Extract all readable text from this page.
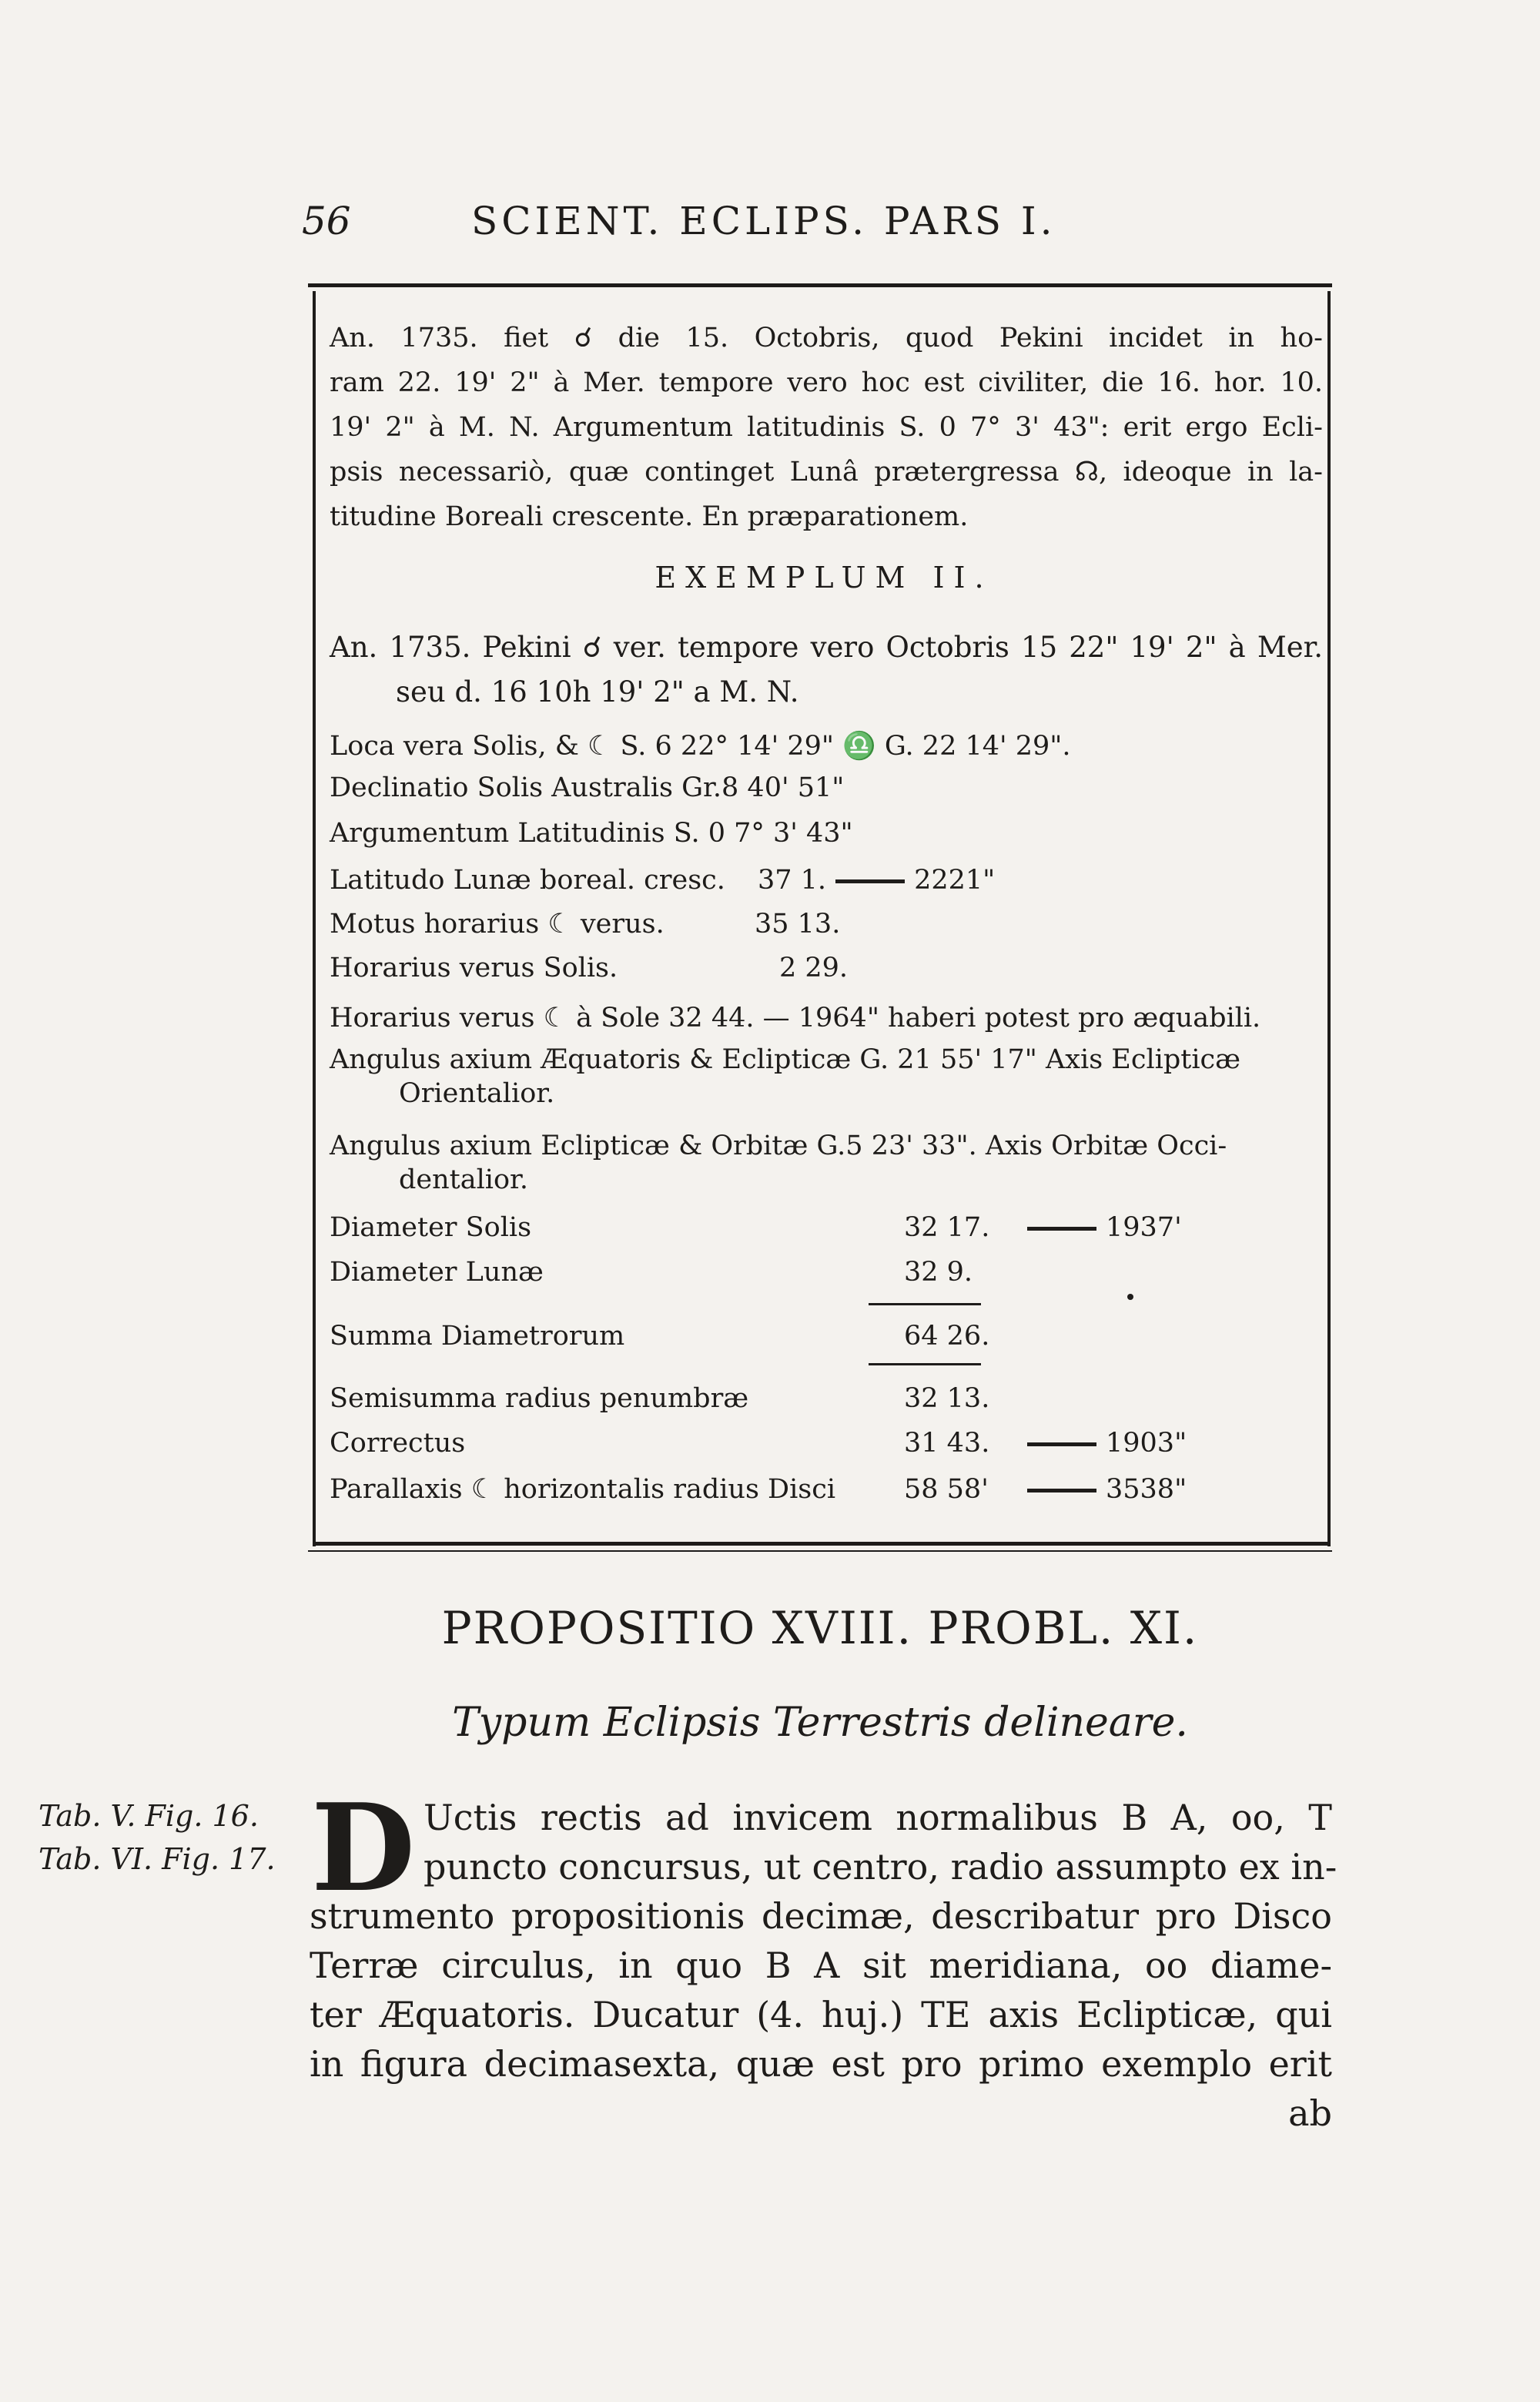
56	SCIENT. ECLIPS. PARS I.
An. 1735. fiet ☌ die 15. Octobris, quod Pekini incidet in ho-
ram 22. 19' 2" à Mer. tempore vero hoc est civiliter, die 16. hor. 10.
19' 2" à M. N. Argumentum latitudinis S. 0 7° 3' 43": erit ergo Ecli-
psis necessariò, quæ continget Lunâ prætergressa ☊, ideoque in la-
titudine Boreali crescente. En præparationem.
EXEMPLUM II.
An. 1735. Pekini ☌ ver. tempore vero Octobris 15 22" 19' 2" à Mer.
seu d. 16 10h 19' 2" a M. N.
Loca vera Solis, & ☾ S. 6 22° 14' 29" ♎ G. 22 14' 29".
Declinatio Solis Australis Gr.8 40' 51"
Argumentum Latitudinis S. 0 7° 3' 43"
Latitudo Lunæ boreal. cresc. 37 1.	2221"
Motus horarius ☾ verus.	35 13.
Horarius verus Solis.	2 29.
Horarius verus ☾ à Sole 32 44. — 1964" haberi potest pro æquabili.
Angulus axium Æquatoris & Eclipticæ G. 21 55' 17" Axis Eclipticæ
Orientalior.
Angulus axium Eclipticæ & Orbitæ G.5 23' 33". Axis Orbitæ Occi-
dentalior.
Diameter Solis	32 17.	1937'
Diameter Lunæ	32 9.
Summa Diametrorum	64 26.
Semisumma radius penumbræ	32 13.
Correctus	31 43.	1903"
Parallaxis ☾ horizontalis radius Disci	58 58'	3538"
PROPOSITIO XVIII. PROBL. XI.
Typum Eclipsis Terrestris delineare.
Tab. V. Fig. 16.
Tab. VI. Fig. 17. D Uctis rectis ad invicem normalibus B A, oo, T
puncto concursus, ut centro, radio assumpto ex in-
strumento propositionis decimæ, describatur pro Disco
Terræ circulus, in quo B A sit meridiana, oo diame-
ter Æquatoris. Ducatur (4. huj.) TE axis Eclipticæ, qui
in figura decimasexta, quæ est pro primo exemplo erit
ab
